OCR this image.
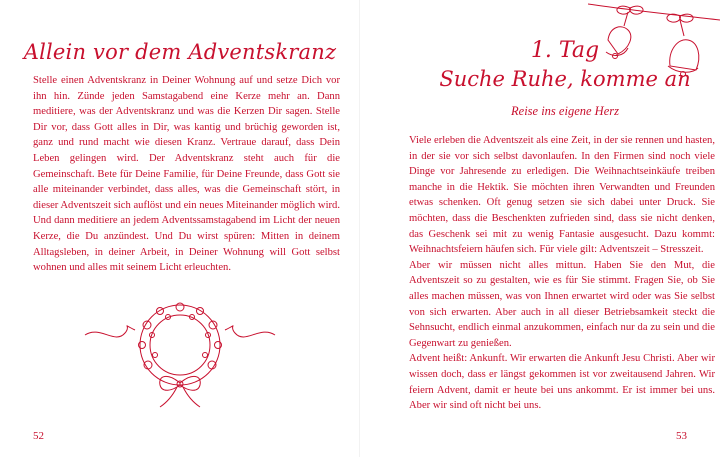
Allein vor dem Adventskranz

Stelle einen Adventskranz in Deiner Wohnung auf und setze Dich vor ihn hin. Zünde jeden Samstagabend eine Kerze mehr an. Dann meditiere, was der Adventskranz und was die Kerzen Dir sagen. Stelle Dir vor, dass Gott alles in Dir, was kantig und brüchig geworden ist, ganz und rund macht wie diesen Kranz. Vertraue darauf, dass Dein Leben gelingen wird. Der Adventskranz steht auch für die Gemeinschaft. Bete für Deine Familie, für Deine Freunde, dass Gott sie alle miteinander verbindet, dass alles, was die Gemeinschaft stört, in dieser Adventszeit sich auflöst und ein neues Miteinander möglich wird. Und dann meditiere an jedem Adventssamstagabend im Licht der neuen Kerze, die Du anzündest. Und Du wirst spüren: Mitten in deinem Alltagsleben, in deiner Arbeit, in Deiner Wohnung will Gott selbst wohnen und alles mit seinem Licht erleuchten.

52
1. Tag
Suche Ruhe, komme an
Reise ins eigene Herz

Viele erleben die Adventszeit als eine Zeit, in der sie rennen und hasten, in der sie vor sich selbst davonlaufen. In den Firmen sind noch viele Dinge vor Jahresende zu erledigen. Die Weihnachtseinkäufe treiben manche in die Hektik. Sie möchten ihren Verwandten und Freunden etwas schenken. Oft genug setzen sie sich dabei unter Druck. Sie möchten, dass die Beschenkten zufrieden sind, dass sie nicht denken, das Geschenk sei mit zu wenig Fantasie ausgesucht. Dazu kommt: Weihnachtsfeiern häufen sich. Für viele gilt: Adventszeit – Stresszeit.

Aber wir müssen nicht alles mittun. Haben Sie den Mut, die Adventszeit so zu gestalten, wie es für Sie stimmt. Fragen Sie, ob Sie alles machen müssen, was von Ihnen erwartet wird oder was Sie selbst von sich erwarten. Aber auch in all dieser Betriebsamkeit steckt die Sehnsucht, endlich einmal anzukommen, einfach nur da zu sein und die Gegenwart zu genießen.

Advent heißt: Ankunft. Wir erwarten die Ankunft Jesu Christi. Aber wir wissen doch, dass er längst gekommen ist vor zweitausend Jahren. Wir feiern Advent, damit er heute bei uns ankommt. Er ist immer bei uns. Aber wir sind oft nicht bei uns.

53
